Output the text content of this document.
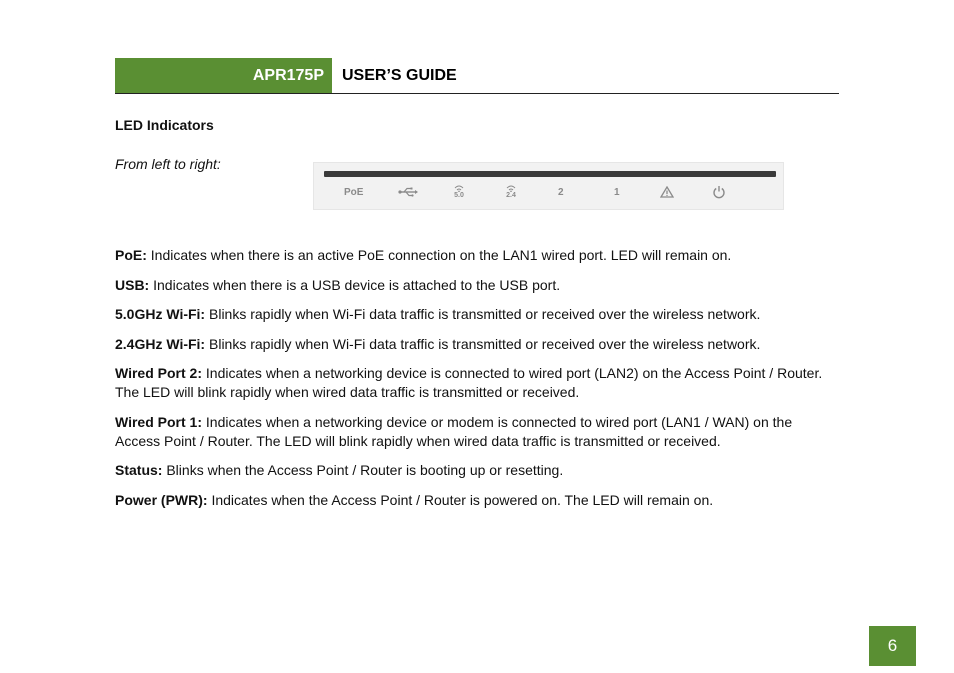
APR175P USER’S GUIDE
LED Indicators
From left to right:
PoE	5.0	2.4	2	1

PoE: Indicates when there is an active PoE connection on the LAN1 wired port. LED will remain on.

USB: Indicates when there is a USB device is attached to the USB port.

5.0GHz Wi-Fi: Blinks rapidly when Wi-Fi data traffic is transmitted or received over the wireless network.

2.4GHz Wi-Fi: Blinks rapidly when Wi-Fi data traffic is transmitted or received over the wireless network.

Wired Port 2: Indicates when a networking device is connected to wired port (LAN2) on the Access Point / Router. The LED will blink rapidly when wired data traffic is transmitted or received.

Wired Port 1: Indicates when a networking device or modem is connected to wired port (LAN1 / WAN) on the Access Point / Router. The LED will blink rapidly when wired data traffic is transmitted or received.

Status: Blinks when the Access Point / Router is booting up or resetting.

Power (PWR): Indicates when the Access Point / Router is powered on. The LED will remain on.

6
